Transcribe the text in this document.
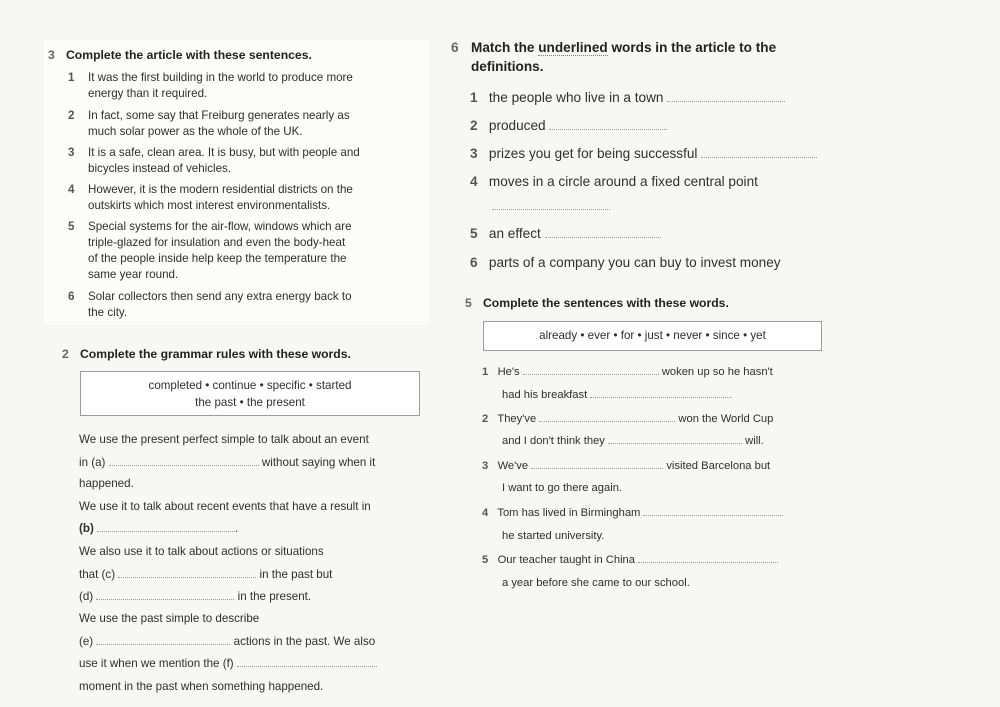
3 Complete the article with these sentences.
1 It was the first building in the world to produce more
energy than it required.
2 In fact, some say that Freiburg generates nearly as
much solar power as the whole of the UK.
3 It is a safe, clean area. It is busy, but with people and
bicycles instead of vehicles.
4 However, it is the modern residential districts on the
outskirts which most interest environmentalists.
5 Special systems for the air-flow, windows which are
triple-glazed for insulation and even the body-heat
of the people inside help keep the temperature the
same year round.
6 Solar collectors then send any extra energy back to
the city.
2 Complete the grammar rules with these words.
completed • continue • specific • started
the past • the present
We use the present perfect simple to talk about an event
in (a)	without saying when it
happened.
We use it to talk about recent events that have a result in
(b)	.
We also use it to talk about actions or situations
that (c)	in the past but
(d)	in the present.
We use the past simple to describe
(e)	actions in the past. We also
use it when we mention the (f)
moment in the past when something happened.
6 Match the underlined words in the article to the
definitions.
1 the people who live in a town
2 produced
3 prizes you get for being successful
4 moves in a circle around a fixed central point
5 an effect
6 parts of a company you can buy to invest money
5 Complete the sentences with these words.
already • ever • for • just • never • since • yet
1 He's	woken up so he hasn't
had his breakfast
2 They've	won the World Cup
and I don't think they	will.
3 We've	visited Barcelona but
I want to go there again.
4 Tom has lived in Birmingham
he started university.
5 Our teacher taught in China
a year before she came to our school.
